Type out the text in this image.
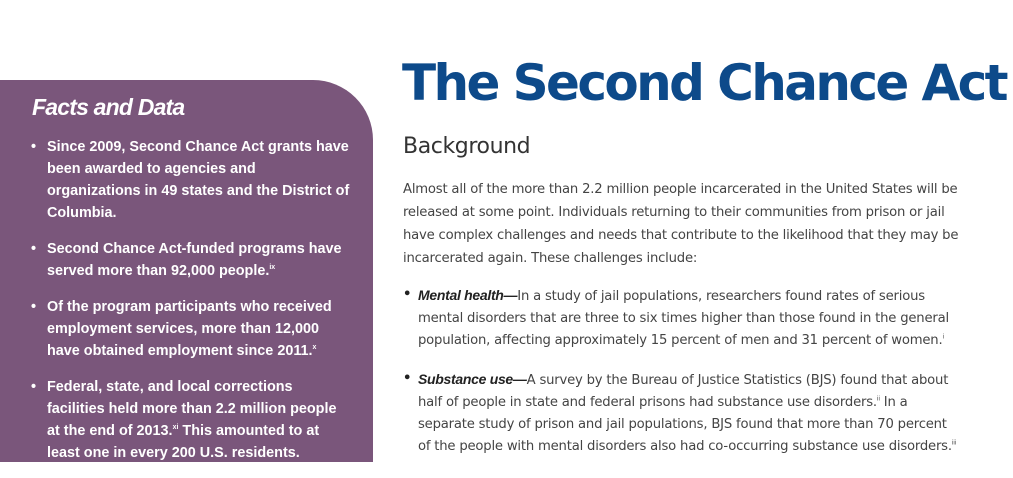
Facts and Data
• Since 2009, Second Chance Act grants have been awarded to agencies and organizations in 49 states and the District of Columbia.
• Second Chance Act-funded programs have served more than 92,000 people.$^{ix}$
• Of the program participants who received employment services, more than 12,000 have obtained employment since 2011.$^x$
• Federal, state, and local corrections facilities held more than 2.2 million people at the end of 2013.$^{xi}$ This amounted to at least one in every 200 U.S. residents.
The Second Chance Act
Background

Almost all of the more than 2.2 million people incarcerated in the United States will be released at some point. Individuals returning to their communities from prison or jail have complex challenges and needs that contribute to the likelihood that they may be incarcerated again. These challenges include:

• Mental health—In a study of jail populations, researchers found rates of serious mental disorders that are three to six times higher than those found in the general population, affecting approximately 15 percent of men and 31 percent of women.$^i$
• Substance use—A survey by the Bureau of Justice Statistics (BJS) found that about half of people in state and federal prisons had substance use disorders.$^{ii}$ In a separate study of prison and jail populations, BJS found that more than 70 percent of the people with mental disorders also had co-occurring substance use disorders.$^{iii}$
